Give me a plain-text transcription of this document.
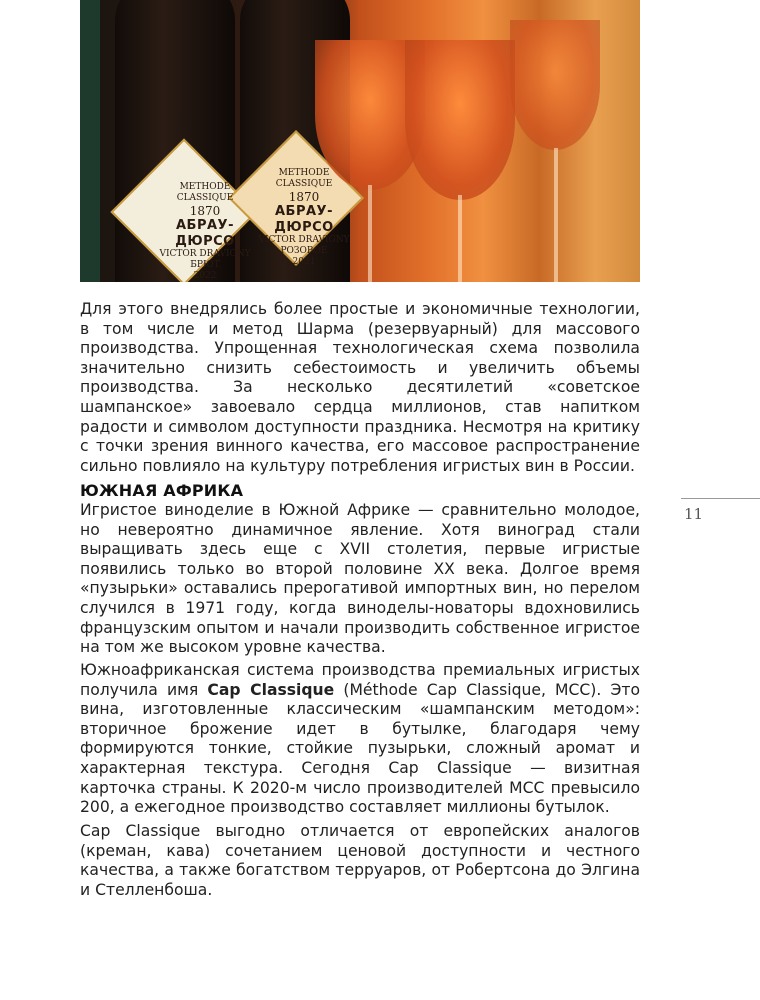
METHODE CLASSIQUE
1870
АБРАУ-ДЮРСО
VICTOR DRAVIGNY
БРЮТ
2022
METHODE CLASSIQUE
1870
АБРАУ-ДЮРСО
VICTOR DRAVIGNY
РОЗОВОЕ
2021

Для этого внедрялись более простые и экономичные технологии, в том числе и метод Шарма (резервуарный) для массового производства. Упрощенная технологическая схема позволила значительно снизить себестоимость и увеличить объемы производства. За несколько десятилетий «советское шампанское» завоевало сердца миллионов, став напитком радости и символом доступности праздника. Несмотря на критику с точки зрения винного качества, его массовое распространение сильно повлияло на культуру потребления игристых вин в России.

ЮЖНАЯ АФРИКА

Игристое виноделие в Южной Африке — сравнительно молодое, но невероятно динамичное явление. Хотя виноград стали выращивать здесь еще с XVII столетия, первые игристые появились только во второй половине XX века. Долгое время «пузырьки» оставались прерогативой импортных вин, но перелом случился в 1971 году, когда виноделы-новаторы вдохновились французским опытом и начали производить собственное игристое на том же высоком уровне качества.

Южноафриканская система производства премиальных игристых получила имя Cap Classique (Méthode Cap Classique, MCC). Это вина, изготовленные классическим «шампанским методом»: вторичное брожение идет в бутылке, благодаря чему формируются тонкие, стойкие пузырьки, сложный аромат и характерная текстура. Сегодня Cap Classique — визитная карточка страны. К 2020-м число производителей MCC превысило 200, а ежегодное производство составляет миллионы бутылок.

Cap Classique выгодно отличается от европейских аналогов (креман, кава) сочетанием ценовой доступности и честного качества, а также богатством терруаров, от Робертсона до Элгина и Стелленбоша.

11
